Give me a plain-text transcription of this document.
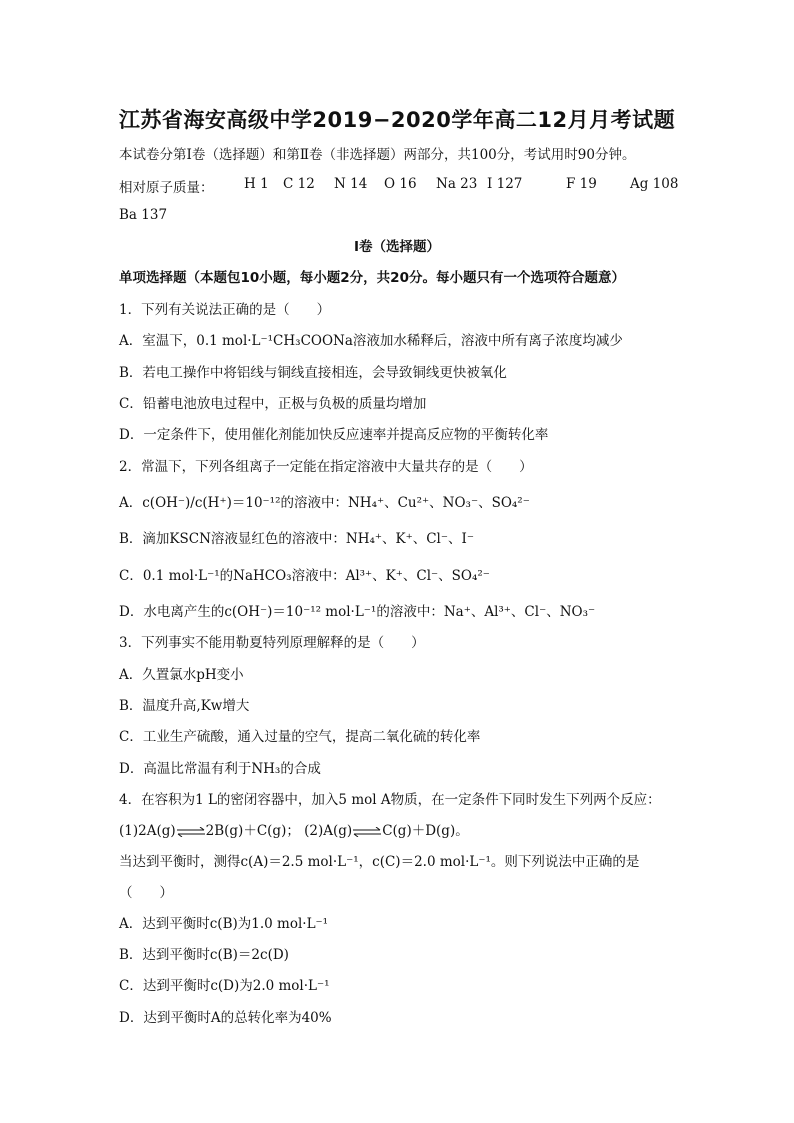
江苏省海安高级中学2019−2020学年高二12月月考试题
本试卷分第Ⅰ卷（选择题）和第Ⅱ卷（非选择题）两部分，共100分，考试用时90分钟。
相对原子质量： H 1 C 12 N 14 O 16 Na 23 I 127	F 19 Ag 108
Ba 137
Ⅰ卷（选择题）
单项选择题（本题包10小题，每小题2分，共20分。每小题只有一个选项符合题意）
1．下列有关说法正确的是（　　）
A．室温下，0.1 mol·L⁻¹CH₃COONa溶液加水稀释后，溶液中所有离子浓度均减少
B．若电工操作中将铝线与铜线直接相连，会导致铜线更快被氧化
C．铅蓄电池放电过程中，正极与负极的质量均增加
D．一定条件下，使用催化剂能加快反应速率并提高反应物的平衡转化率
2．常温下，下列各组离子一定能在指定溶液中大量共存的是（　　）
A．c(OH⁻)/c(H⁺)＝10⁻¹²的溶液中：NH₄⁺、Cu²⁺、NO₃⁻、SO₄²⁻
B．滴加KSCN溶液显红色的溶液中：NH₄⁺、K⁺、Cl⁻、I⁻
C．0.1 mol·L⁻¹的NaHCO₃溶液中：Al³⁺、K⁺、Cl⁻、SO₄²⁻
D．水电离产生的c(OH⁻)＝10⁻¹² mol·L⁻¹的溶液中：Na⁺、Al³⁺、Cl⁻、NO₃⁻
3．下列事实不能用勒夏特列原理解释的是（　　）
A．久置氯水pH变小
B．温度升高,Kw增大
C．工业生产硫酸，通入过量的空气，提高二氧化硫的转化率
D．高温比常温有利于NH₃的合成
4．在容积为1 L的密闭容器中，加入5 mol A物质，在一定条件下同时发生下列两个反应：
(1)2A(g)⇌2B(g)＋C(g)； (2)A(g)⇌C(g)＋D(g)。
当达到平衡时，测得c(A)＝2.5 mol·L⁻¹，c(C)＝2.0 mol·L⁻¹。则下列说法中正确的是
（　　）
A．达到平衡时c(B)为1.0 mol·L⁻¹
B．达到平衡时c(B)＝2c(D)
C．达到平衡时c(D)为2.0 mol·L⁻¹
D．达到平衡时A的总转化率为40%
